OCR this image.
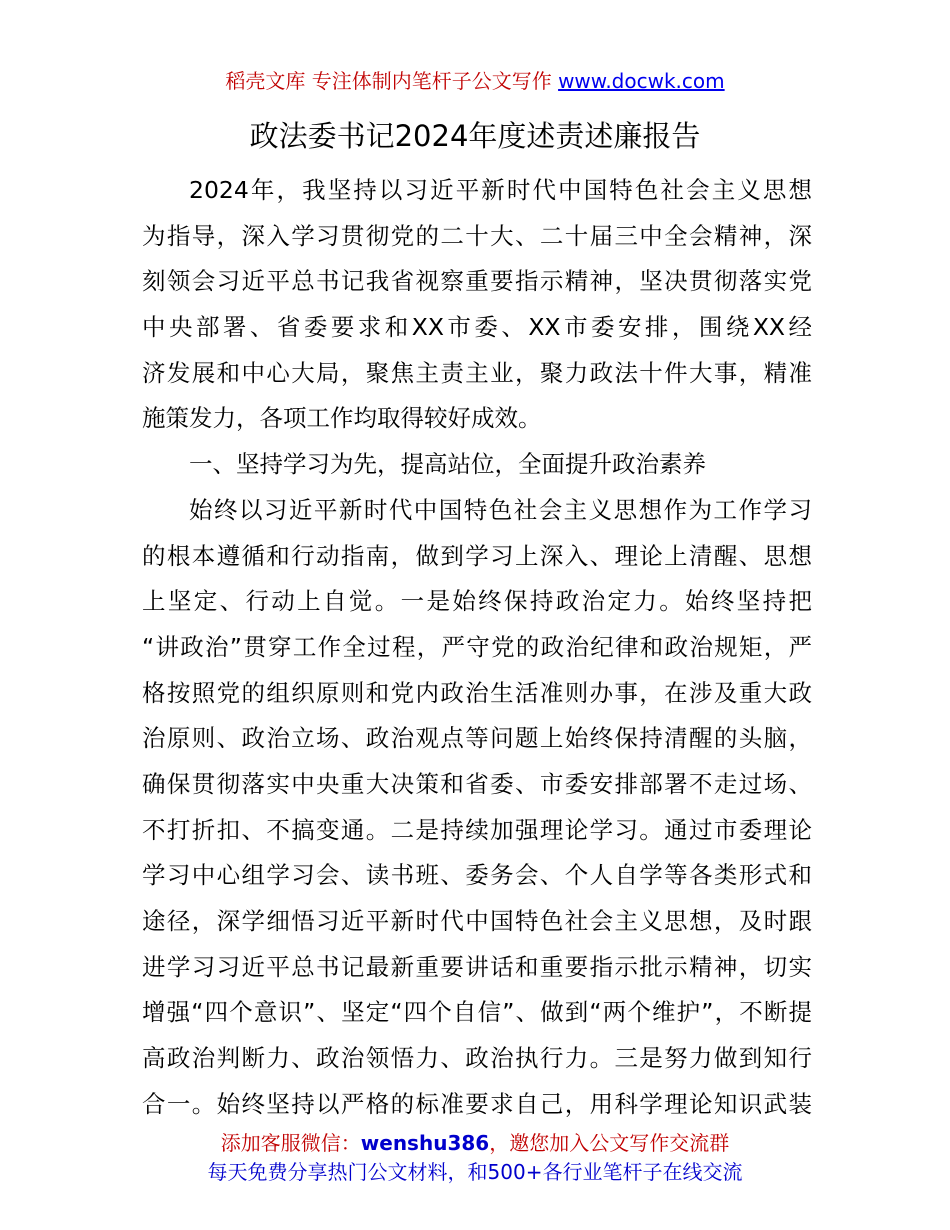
稻壳文库 专注体制内笔杆子公文写作 www.docwk.com
政法委书记2024年度述责述廉报告
2024年，我坚持以习近平新时代中国特色社会主义思想
为指导，深入学习贯彻党的二十大、二十届三中全会精神，深
刻领会习近平总书记我省视察重要指示精神，坚决贯彻落实党
中央部署、省委要求和XX市委、XX市委安排，围绕XX经
济发展和中心大局，聚焦主责主业，聚力政法十件大事，精准
施策发力，各项工作均取得较好成效。
一、坚持学习为先，提高站位，全面提升政治素养
始终以习近平新时代中国特色社会主义思想作为工作学习
的根本遵循和行动指南，做到学习上深入、理论上清醒、思想
上坚定、行动上自觉。一是始终保持政治定力。始终坚持把
“讲政治”贯穿工作全过程，严守党的政治纪律和政治规矩，严
格按照党的组织原则和党内政治生活准则办事，在涉及重大政
治原则、政治立场、政治观点等问题上始终保持清醒的头脑，
确保贯彻落实中央重大决策和省委、市委安排部署不走过场、
不打折扣、不搞变通。二是持续加强理论学习。通过市委理论
学习中心组学习会、读书班、委务会、个人自学等各类形式和
途径，深学细悟习近平新时代中国特色社会主义思想，及时跟
进学习习近平总书记最新重要讲话和重要指示批示精神，切实
增强“四个意识”、坚定“四个自信”、做到“两个维护”，不断提
高政治判断力、政治领悟力、政治执行力。三是努力做到知行
合一。始终坚持以严格的标准要求自己，用科学理论知识武装
添加客服微信：wenshu386，邀您加入公文写作交流群
每天免费分享热门公文材料，和500+各行业笔杆子在线交流
